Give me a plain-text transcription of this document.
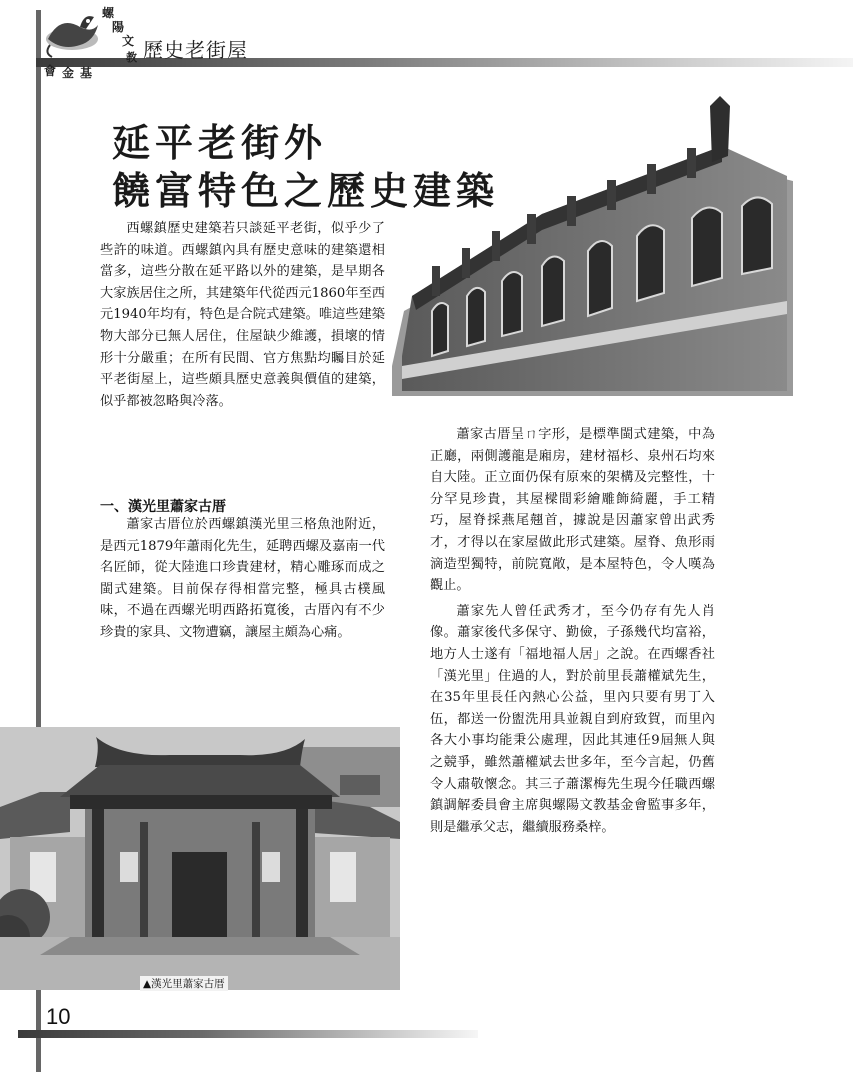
螺
陽
文
教
會 金 基
歷史老街屋
延平老街外
饒富特色之歷史建築

西螺鎮歷史建築若只談延平老街，似乎少了些許的味道。西螺鎮內具有歷史意味的建築還相當多，這些分散在延平路以外的建築，是早期各大家族居住之所，其建築年代從西元1860年至西元1940年均有，特色是合院式建築。唯這些建築物大部分已無人居住，住屋缺少維護，損壞的情形十分嚴重；在所有民間、官方焦點均矚目於延平老街屋上，這些頗具歷史意義與價值的建築，似乎都被忽略與冷落。

一、漢光里蕭家古厝

蕭家古厝位於西螺鎮漢光里三格魚池附近，是西元1879年蕭雨化先生，延聘西螺及嘉南一代名匠師，從大陸進口珍貴建材，精心雕琢而成之閩式建築。目前保存得相當完整，極具古樸風味，不過在西螺光明西路拓寬後，古厝內有不少珍貴的家具、文物遭竊，讓屋主頗為心痛。

蕭家古厝呈ㄇ字形，是標準閩式建築，中為正廳，兩側護龍是廂房，建材福杉、泉州石均來自大陸。正立面仍保有原來的架構及完整性，十分罕見珍貴，其屋樑間彩繪雕飾綺麗，手工精巧，屋脊採燕尾翹首，據說是因蕭家曾出武秀才，才得以在家屋做此形式建築。屋脊、魚形雨滴造型獨特，前院寬敞，是本屋特色，令人嘆為觀止。

蕭家先人曾任武秀才，至今仍存有先人肖像。蕭家後代多保守、勤儉，子孫幾代均富裕，地方人士遂有「福地福人居」之說。在西螺香社「漢光里」住過的人，對於前里長蕭權斌先生，在35年里長任內熱心公益，里內只要有男丁入伍，都送一份盥洗用具並親自到府致賀，而里內各大小事均能秉公處理，因此其連任9屆無人與之競爭，雖然蕭權斌去世多年，至今言起，仍舊令人肅敬懷念。其三子蕭潔梅先生現今任職西螺鎮調解委員會主席與螺陽文教基金會監事多年，則是繼承父志，繼續服務桑梓。

▲漢光里蕭家古厝
10
